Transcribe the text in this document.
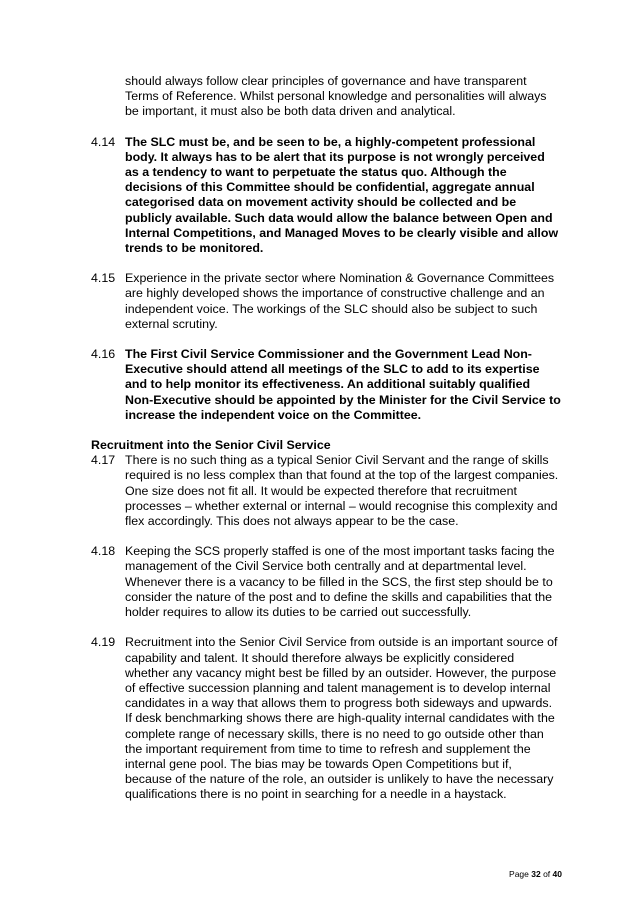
should always follow clear principles of governance and have transparent Terms of Reference. Whilst personal knowledge and personalities will always be important, it must also be both data driven and analytical.
4.14 The SLC must be, and be seen to be, a highly-competent professional body. It always has to be alert that its purpose is not wrongly perceived as a tendency to want to perpetuate the status quo. Although the decisions of this Committee should be confidential, aggregate annual categorised data on movement activity should be collected and be publicly available. Such data would allow the balance between Open and Internal Competitions, and Managed Moves to be clearly visible and allow trends to be monitored.
4.15 Experience in the private sector where Nomination & Governance Committees are highly developed shows the importance of constructive challenge and an independent voice. The workings of the SLC should also be subject to such external scrutiny.
4.16 The First Civil Service Commissioner and the Government Lead Non-Executive should attend all meetings of the SLC to add to its expertise and to help monitor its effectiveness. An additional suitably qualified Non-Executive should be appointed by the Minister for the Civil Service to increase the independent voice on the Committee.
Recruitment into the Senior Civil Service
4.17 There is no such thing as a typical Senior Civil Servant and the range of skills required is no less complex than that found at the top of the largest companies. One size does not fit all. It would be expected therefore that recruitment processes – whether external or internal – would recognise this complexity and flex accordingly. This does not always appear to be the case.
4.18 Keeping the SCS properly staffed is one of the most important tasks facing the management of the Civil Service both centrally and at departmental level. Whenever there is a vacancy to be filled in the SCS, the first step should be to consider the nature of the post and to define the skills and capabilities that the holder requires to allow its duties to be carried out successfully.
4.19 Recruitment into the Senior Civil Service from outside is an important source of capability and talent. It should therefore always be explicitly considered whether any vacancy might best be filled by an outsider. However, the purpose of effective succession planning and talent management is to develop internal candidates in a way that allows them to progress both sideways and upwards. If desk benchmarking shows there are high-quality internal candidates with the complete range of necessary skills, there is no need to go outside other than the important requirement from time to time to refresh and supplement the internal gene pool. The bias may be towards Open Competitions but if, because of the nature of the role, an outsider is unlikely to have the necessary qualifications there is no point in searching for a needle in a haystack.
Page 32 of 40
